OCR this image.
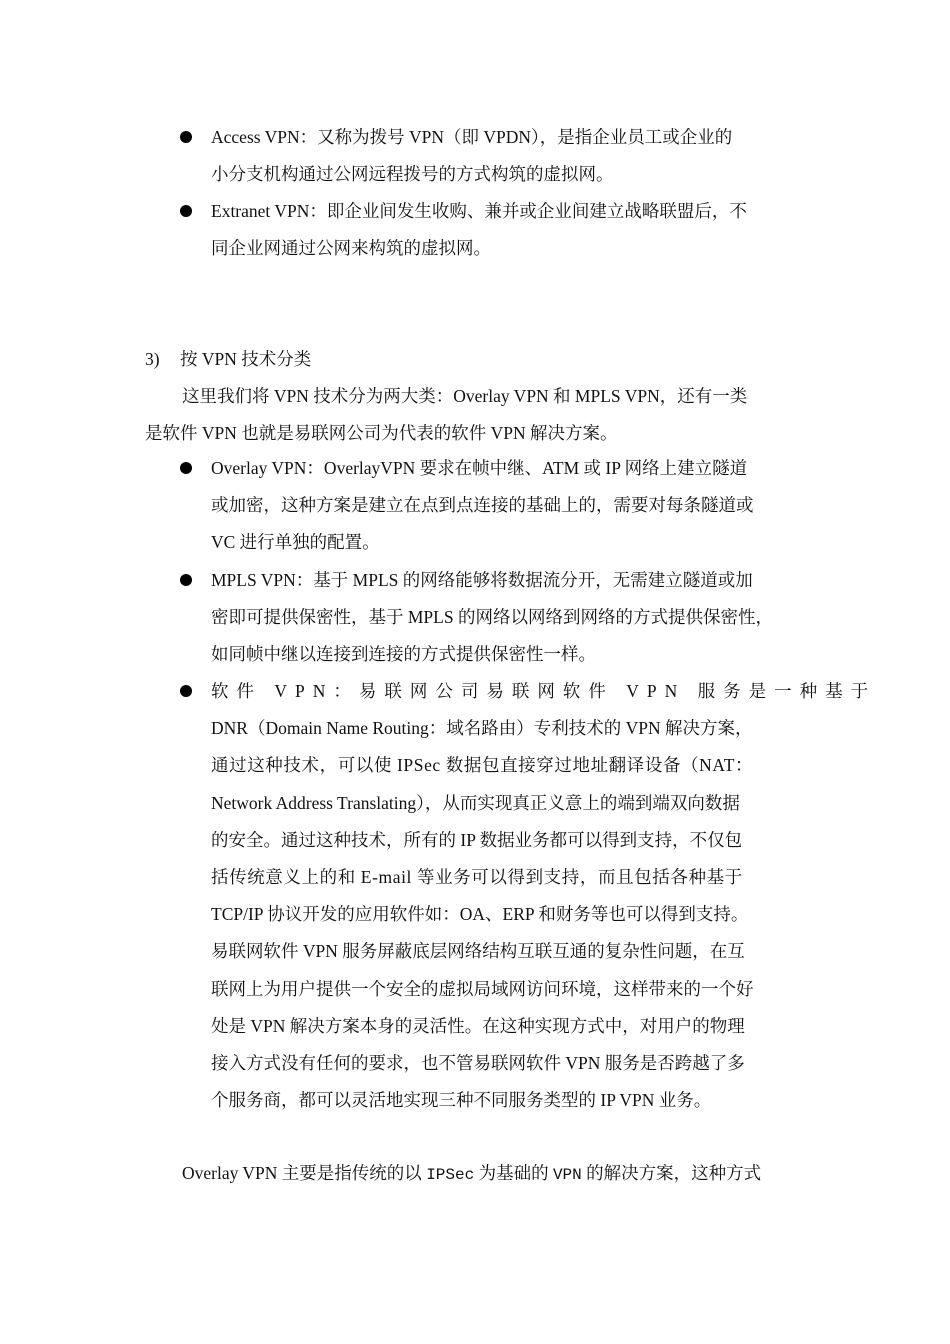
Access VPN：又称为拨号 VPN（即 VPDN），是指企业员工或企业的
小分支机构通过公网远程拨号的方式构筑的虚拟网。
Extranet VPN：即企业间发生收购、兼并或企业间建立战略联盟后，不
同企业网通过公网来构筑的虚拟网。
3) 按 VPN 技术分类
这里我们将 VPN 技术分为两大类：Overlay VPN 和 MPLS VPN，还有一类
是软件 VPN 也就是易联网公司为代表的软件 VPN 解决方案。
Overlay VPN：OverlayVPN 要求在帧中继、ATM 或 IP 网络上建立隧道
或加密，这种方案是建立在点到点连接的基础上的，需要对每条隧道或
VC 进行单独的配置。
MPLS VPN：基于 MPLS 的网络能够将数据流分开，无需建立隧道或加
密即可提供保密性，基于 MPLS 的网络以网络到网络的方式提供保密性，
如同帧中继以连接到连接的方式提供保密性一样。
软件 VPN：易联网公司易联网软件 VPN 服务是一种基于
DNR（Domain Name Routing：域名路由）专利技术的 VPN 解决方案，
通过这种技术，可以使 IPSec 数据包直接穿过地址翻译设备（NAT：
Network Address Translating），从而实现真正义意上的端到端双向数据
的安全。通过这种技术，所有的 IP 数据业务都可以得到支持，不仅包
括传统意义上的和 E-mail 等业务可以得到支持，而且包括各种基于
TCP/IP 协议开发的应用软件如：OA、ERP 和财务等也可以得到支持。
易联网软件 VPN 服务屏蔽底层网络结构互联互通的复杂性问题，在互
联网上为用户提供一个安全的虚拟局域网访问环境，这样带来的一个好
处是 VPN 解决方案本身的灵活性。在这种实现方式中，对用户的物理
接入方式没有任何的要求，也不管易联网软件 VPN 服务是否跨越了多
个服务商，都可以灵活地实现三种不同服务类型的 IP VPN 业务。
Overlay VPN 主要是指传统的以 IPSec 为基础的 VPN 的解决方案，这种方式
